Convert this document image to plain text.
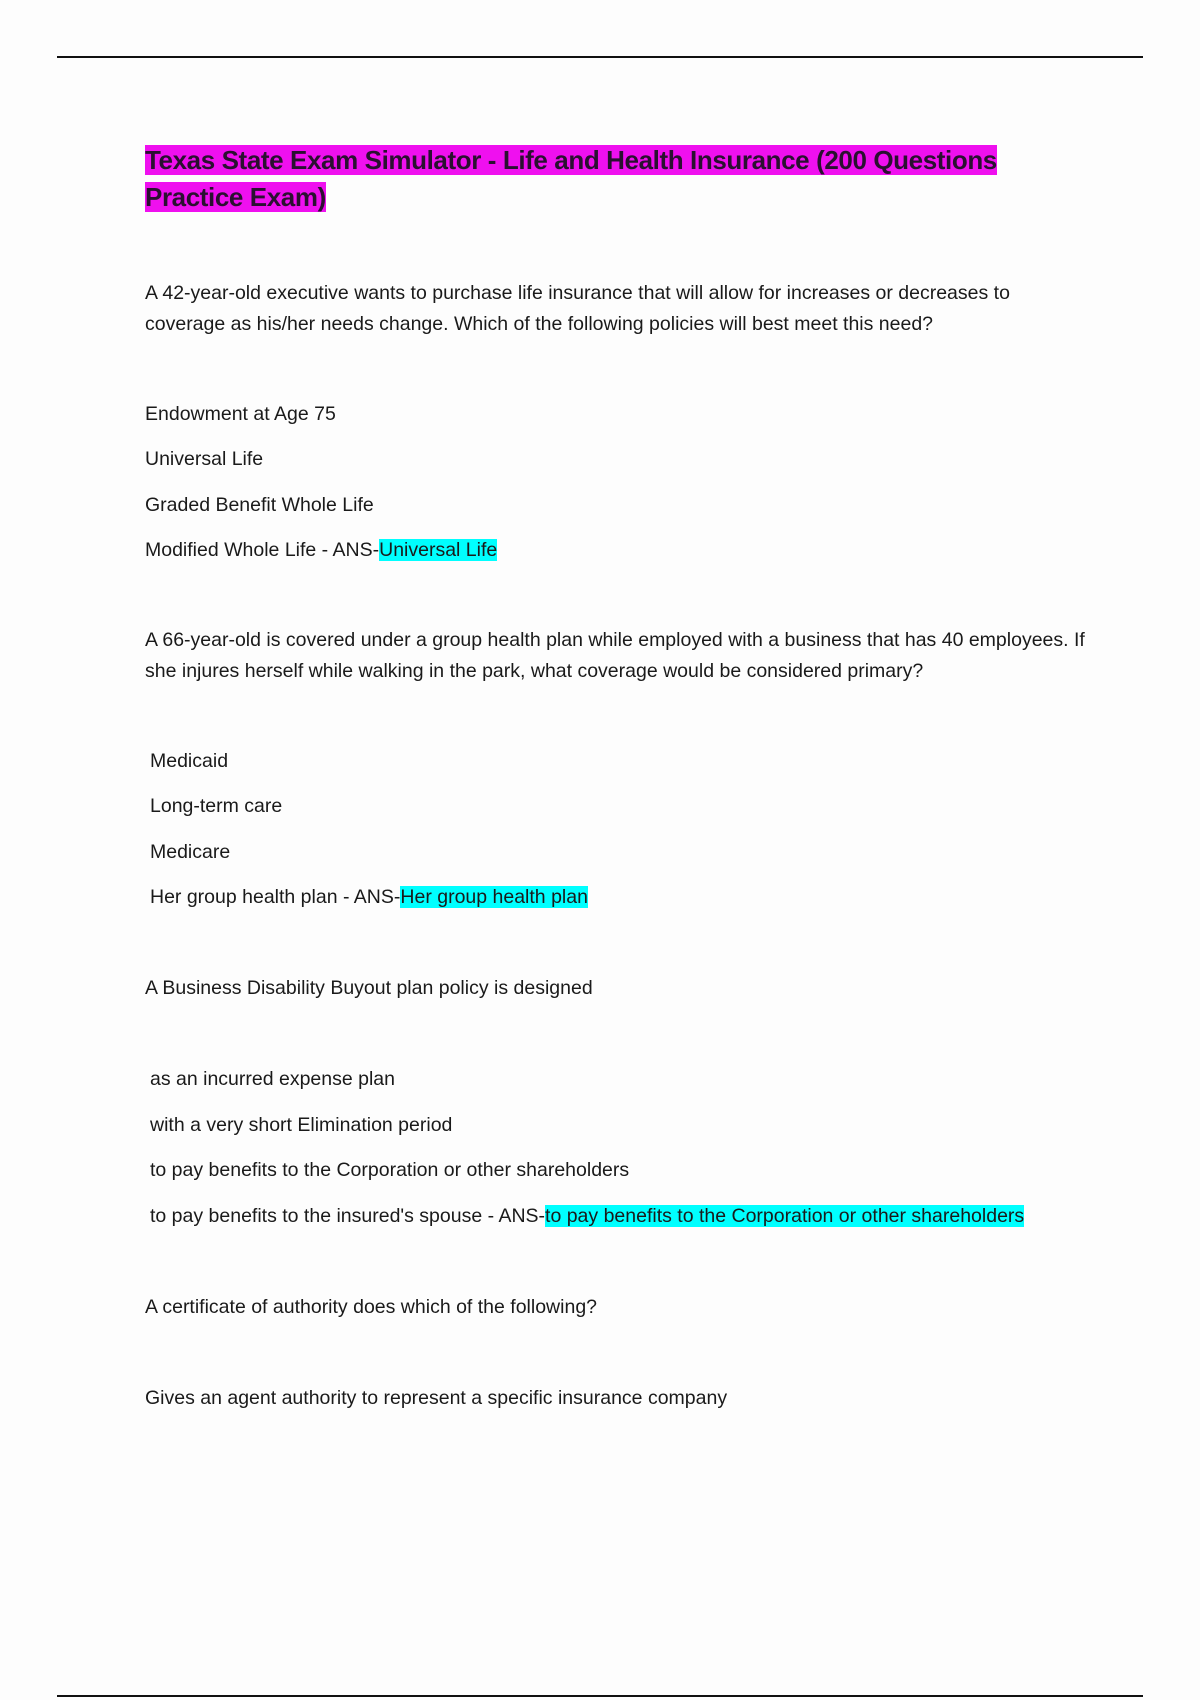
Texas State Exam Simulator - Life and Health Insurance (200 Questions Practice Exam)

A 42-year-old executive wants to purchase life insurance that will allow for increases or decreases to coverage as his/her needs change. Which of the following policies will best meet this need?

Endowment at Age 75

Universal Life

Graded Benefit Whole Life

Modified Whole Life - ANS-Universal Life

A 66-year-old is covered under a group health plan while employed with a business that has 40 employees. If she injures herself while walking in the park, what coverage would be considered primary?

Medicaid

Long-term care

Medicare

Her group health plan - ANS-Her group health plan

A Business Disability Buyout plan policy is designed

as an incurred expense plan

with a very short Elimination period

to pay benefits to the Corporation or other shareholders

to pay benefits to the insured's spouse - ANS-to pay benefits to the Corporation or other shareholders

A certificate of authority does which of the following?

Gives an agent authority to represent a specific insurance company
